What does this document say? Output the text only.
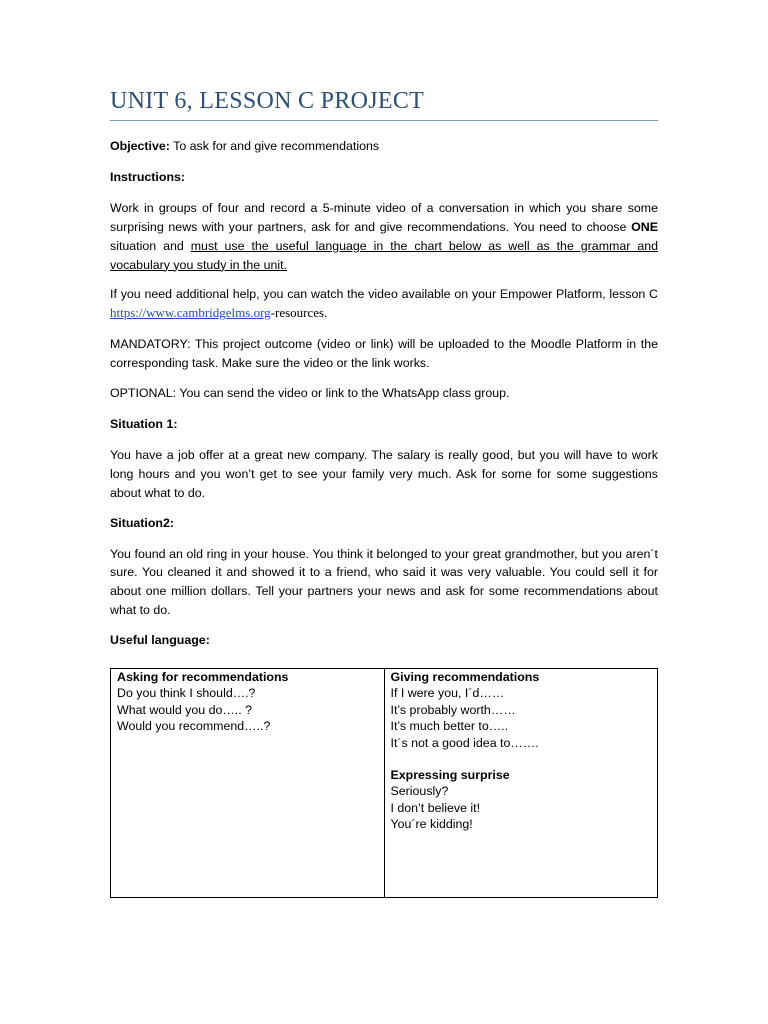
UNIT 6, LESSON C PROJECT

Objective: To ask for and give recommendations

Instructions:

Work in groups of four and record a 5-minute video of a conversation in which you share some surprising news with your partners, ask for and give recommendations. You need to choose ONE situation and must use the useful language in the chart below as well as the grammar and vocabulary you study in the unit.

If you need additional help, you can watch the video available on your Empower Platform, lesson C https://www.cambridgelms.org-resources.

MANDATORY: This project outcome (video or link) will be uploaded to the Moodle Platform in the corresponding task. Make sure the video or the link works.

OPTIONAL: You can send the video or link to the WhatsApp class group.

Situation 1:

You have a job offer at a great new company. The salary is really good, but you will have to work long hours and you won’t get to see your family very much. Ask for some for some suggestions about what to do.

Situation2:

You found an old ring in your house. You think it belonged to your great grandmother, but you aren´t sure. You cleaned it and showed it to a friend, who said it was very valuable. You could sell it for about one million dollars. Tell your partners your news and ask for some recommendations about what to do.

Useful language:

Asking for recommendations
Do you think I should….?
What would you do….. ?
Would you recommend…..?

Giving recommendations
If I were you, I´d……
It’s probably worth……
It’s much better to…..
It´s not a good idea to…….
Expressing surprise
Seriously?
I don’t believe it!
You´re kidding!
